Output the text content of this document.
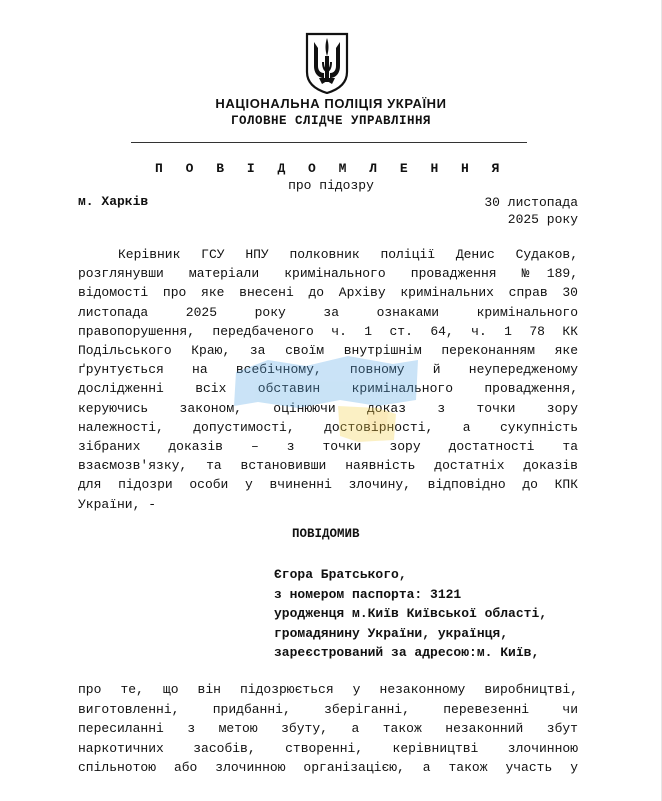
НАЦІОНАЛЬНА ПОЛІЦІЯ УКРАЇНИ
ГОЛОВНЕ СЛІДЧЕ УПРАВЛІННЯ
П О В І Д О М Л Е Н Н Я
про підозру
м. Харків	30 листопада
2025 року
Керівник ГСУ НПУ полковник поліції Денис Судаков,
розглянувши матеріали кримінального провадження №189,
відомості про яке внесені до Архіву кримінальних справ 30
листопада 2025 року за ознаками кримінального
правопорушення, передбаченого ч. 1 ст. 64, ч. 1 78 КК
Подільського Краю, за своїм внутрішнім переконанням яке
ґрунтується на всебічному, повному й неупередженому
дослідженні всіх обставин кримінального провадження,
керуючись законом, оцінюючи доказ з точки зору
належності, допустимості, достовірності, а сукупність
зібраних доказів – з точки зору достатності та
взаємозв'язку, та встановивши наявність достатніх доказів
для підозри особи у вчиненні злочину, відповідно до КПК
України, -
ПОВІДОМИВ
Єгора Братського,
з номером паспорта: 3121
уродженця м.Київ Київської області,
громадянину України, українця,
зареєстрований за адресою:м. Київ,
про те, що він підозрюється у незаконному виробництві,
виготовленні, придбанні, зберіганні, перевезенні чи
пересиланні з метою збуту, а також незаконний збут
наркотичних засобів, створенні, керівництві злочинною
спільнотою або злочинною організацією, а також участь у
